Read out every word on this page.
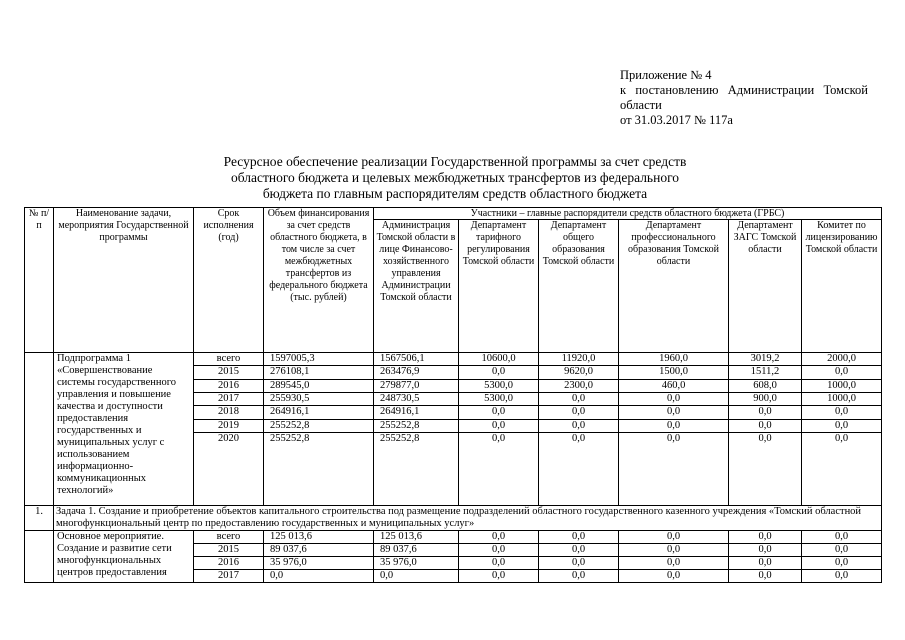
Приложение № 4
к постановлению Администрации Томской
области
от 31.03.2017 № 117а
Ресурсное обеспечение реализации Государственной программы за счет средств
областного бюджета и целевых межбюджетных трансфертов из федерального
бюджета по главным распорядителям средств областного бюджета
№ п/п	Наименование задачи, мероприятия Государственной программы	Срок исполнения (год)	Объем финансирования за счет средств областного бюджета, в том числе за счет межбюджетных трансфертов из федерального бюджета (тыс. рублей)	Участники – главные распорядители средств областного бюджета (ГРБС)					
				Администрация Томской области в лице Финансово-хозяйственного управления Администрации Томской области	Департамент тарифного регулирования Томской области	Департамент общего образования Томской области	Департамент профессионального образования Томской области	Департамент ЗАГС Томской области	Комитет по лицензированию Томской области
	Подпрограмма 1 «Совершенствование системы государственного управления и повышение качества и доступности предоставления государственных и муниципальных услуг с использованием информационно-коммуникационных технологий»	всего	1597005,3	1567506,1	10600,0	11920,0	1960,0	3019,2	2000,0
		2015	276108,1	263476,9	0,0	9620,0	1500,0	1511,2	0,0
		2016	289545,0	279877,0	5300,0	2300,0	460,0	608,0	1000,0
		2017	255930,5	248730,5	5300,0	0,0	0,0	900,0	1000,0
		2018	264916,1	264916,1	0,0	0,0	0,0	0,0	0,0
		2019	255252,8	255252,8	0,0	0,0	0,0	0,0	0,0
		2020	255252,8	255252,8	0,0	0,0	0,0	0,0	0,0
1.	Задача 1. Создание и приобретение объектов капитального строительства под размещение подразделений областного государственного казенного учреждения «Томский областной многофункциональный центр по предоставлению государственных и муниципальных услуг»								
	Основное мероприятие. Создание и развитие сети многофункциональных центров предоставления	всего	125 013,6	125 013,6	0,0	0,0	0,0	0,0	0,0
		2015	89 037,6	89 037,6	0,0	0,0	0,0	0,0	0,0
		2016	35 976,0	35 976,0	0,0	0,0	0,0	0,0	0,0
		2017	0,0	0,0	0,0	0,0	0,0	0,0	0,0
